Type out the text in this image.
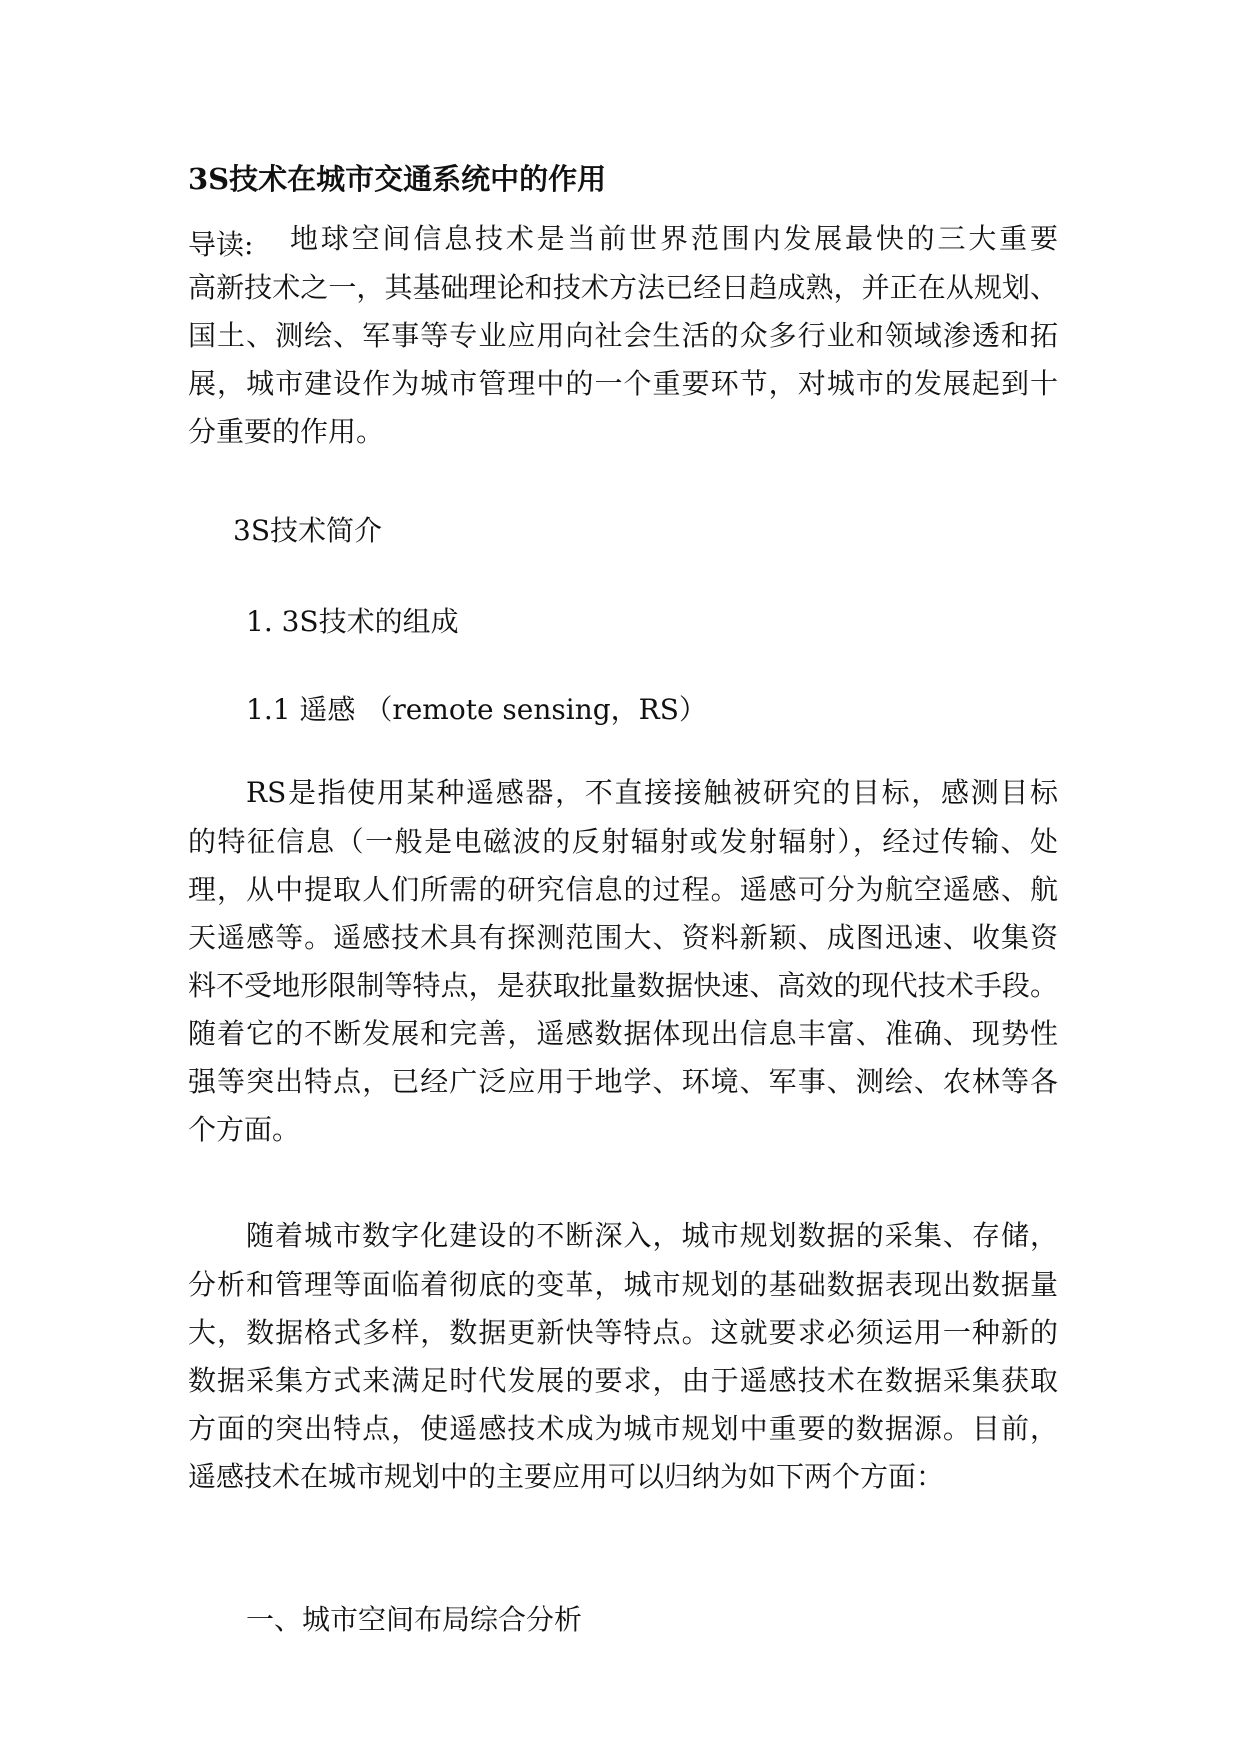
3S技术在城市交通系统中的作用
导读: 地球空间信息技术是当前世界范围内发展最快的三大重要
高新技术之一，其基础理论和技术方法已经日趋成熟，并正在从规划、
国土、测绘、军事等专业应用向社会生活的众多行业和领域渗透和拓
展，城市建设作为城市管理中的一个重要环节，对城市的发展起到十
分重要的作用。
3S技术简介
1. 3S技术的组成
1.1 遥感 （remote sensing，RS）
RS是指使用某种遥感器，不直接接触被研究的目标，感测目标
的特征信息（一般是电磁波的反射辐射或发射辐射），经过传输、处
理，从中提取人们所需的研究信息的过程。遥感可分为航空遥感、航
天遥感等。遥感技术具有探测范围大、资料新颖、成图迅速、收集资
料不受地形限制等特点，是获取批量数据快速、高效的现代技术手段。
随着它的不断发展和完善，遥感数据体现出信息丰富、准确、现势性
强等突出特点，已经广泛应用于地学、环境、军事、测绘、农林等各
个方面。
随着城市数字化建设的不断深入，城市规划数据的采集、存储，
分析和管理等面临着彻底的变革，城市规划的基础数据表现出数据量
大，数据格式多样，数据更新快等特点。这就要求必须运用一种新的
数据采集方式来满足时代发展的要求，由于遥感技术在数据采集获取
方面的突出特点，使遥感技术成为城市规划中重要的数据源。目前，
遥感技术在城市规划中的主要应用可以归纳为如下两个方面：
一、城市空间布局综合分析
